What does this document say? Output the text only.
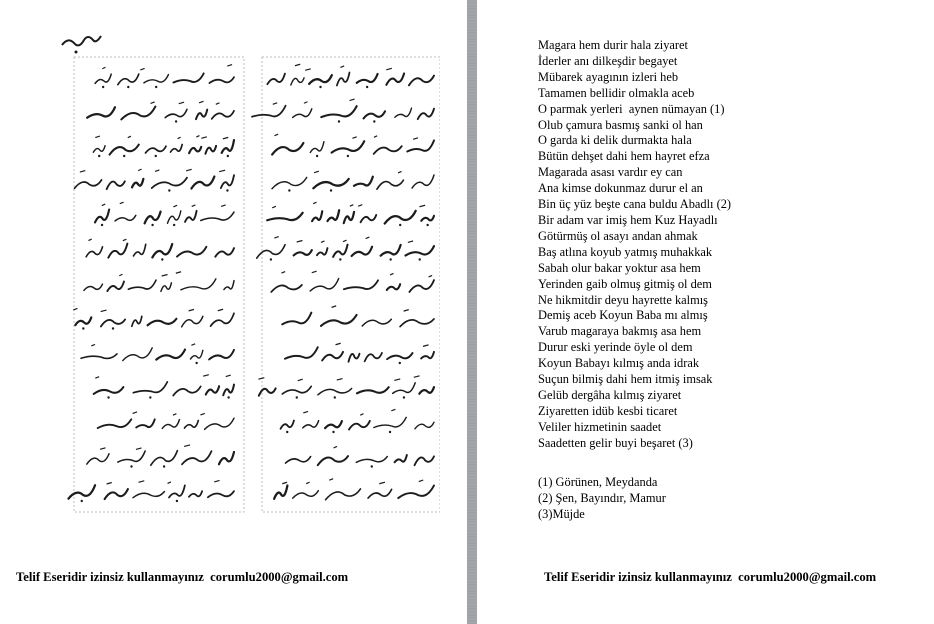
Telif Eseridir izinsiz kullanmayınız  corumlu2000@gmail.com
Magara hem durir hala ziyaret
İderler anı dilkeşdir begayet
Mübarek ayagının izleri heb
Tamamen bellidir olmakla aceb
O parmak yerleri  aynen nümayan (1)
Olub çamura basmış sanki ol han
O garda ki delik durmakta hala
Bütün dehşet dahi hem hayret efza
Magarada asası vardır ey can
Ana kimse dokunmaz durur el an
Bin üç yüz beşte cana buldu Abadlı (2)
Bir adam var imiş hem Kuz Hayadlı
Götürmüş ol asayı andan ahmak
Baş atlına koyub yatmış muhakkak
Sabah olur bakar yoktur asa hem
Yerinden gaib olmuş gitmiş ol dem
Ne hikmitdir deyu hayrette kalmış
Demiş aceb Koyun Baba mı almış
Varub magaraya bakmış asa hem
Durur eski yerinde öyle ol dem
Koyun Babayı kılmış anda idrak
Suçun bilmiş dahi hem itmiş imsak
Gelüb dergâha kılmış ziyaret
Ziyaretten idüb kesbi ticaret
Veliler hizmetinin saadet
Saadetten gelir buyi beşaret (3)
(1) Görünen, Meydanda
(2) Şen, Bayındır, Mamur
(3)Müjde
Telif Eseridir izinsiz kullanmayınız  corumlu2000@gmail.com
